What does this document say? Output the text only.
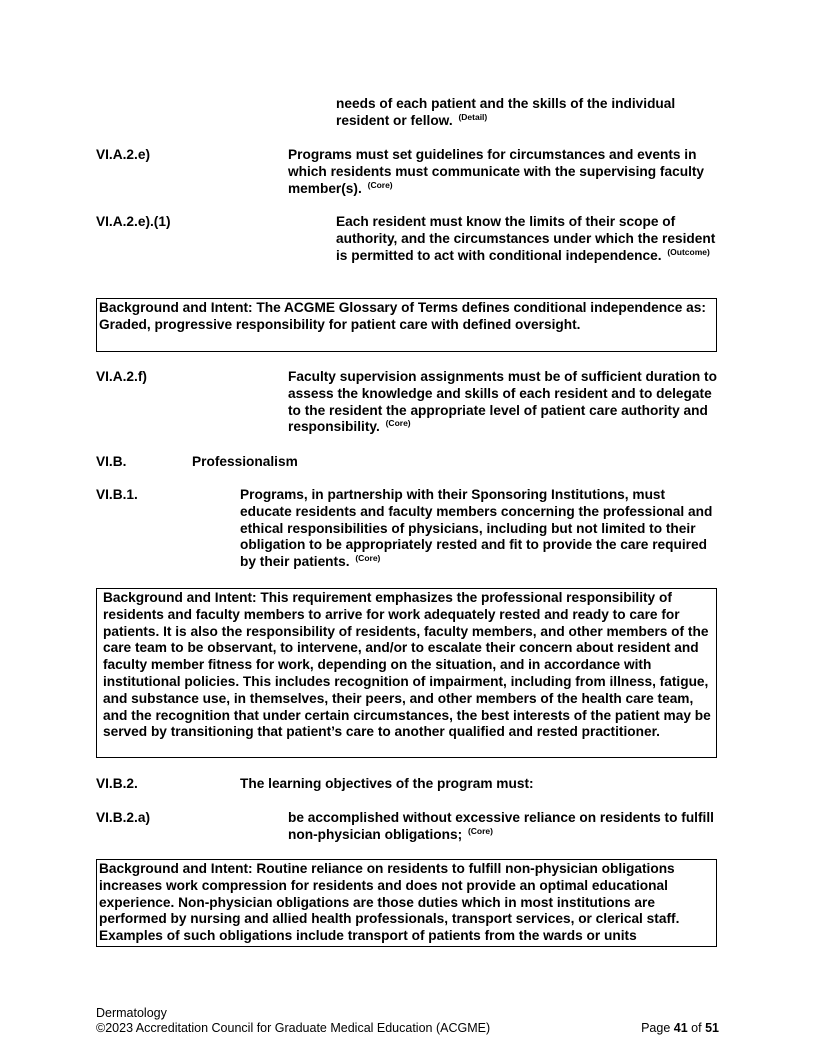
needs of each patient and the skills of the individual resident or fellow. $^{(Detail)}$
VI.A.2.e)	Programs must set guidelines for circumstances and events in which residents must communicate with the supervising faculty member(s). $^{(Core)}$
VI.A.2.e).(1)	Each resident must know the limits of their scope of authority, and the circumstances under which the resident is permitted to act with conditional independence. $^{(Outcome)}$
Background and Intent: The ACGME Glossary of Terms defines conditional independence as: Graded, progressive responsibility for patient care with defined oversight.
VI.A.2.f)	Faculty supervision assignments must be of sufficient duration to assess the knowledge and skills of each resident and to delegate to the resident the appropriate level of patient care authority and responsibility. $^{(Core)}$
VI.B.	Professionalism
VI.B.1.	Programs, in partnership with their Sponsoring Institutions, must educate residents and faculty members concerning the professional and ethical responsibilities of physicians, including but not limited to their obligation to be appropriately rested and fit to provide the care required by their patients. $^{(Core)}$
Background and Intent: This requirement emphasizes the professional responsibility of residents and faculty members to arrive for work adequately rested and ready to care for patients. It is also the responsibility of residents, faculty members, and other members of the care team to be observant, to intervene, and/or to escalate their concern about resident and faculty member fitness for work, depending on the situation, and in accordance with institutional policies. This includes recognition of impairment, including from illness, fatigue, and substance use, in themselves, their peers, and other members of the health care team, and the recognition that under certain circumstances, the best interests of the patient may be served by transitioning that patient’s care to another qualified and rested practitioner.
VI.B.2.	The learning objectives of the program must:
VI.B.2.a)	be accomplished without excessive reliance on residents to fulfill non-physician obligations; $^{(Core)}$
Background and Intent: Routine reliance on residents to fulfill non-physician obligations increases work compression for residents and does not provide an optimal educational experience. Non-physician obligations are those duties which in most institutions are performed by nursing and allied health professionals, transport services, or clerical staff. Examples of such obligations include transport of patients from the wards or units
Dermatology
©2023 Accreditation Council for Graduate Medical Education (ACGME)	Page 41 of 51
